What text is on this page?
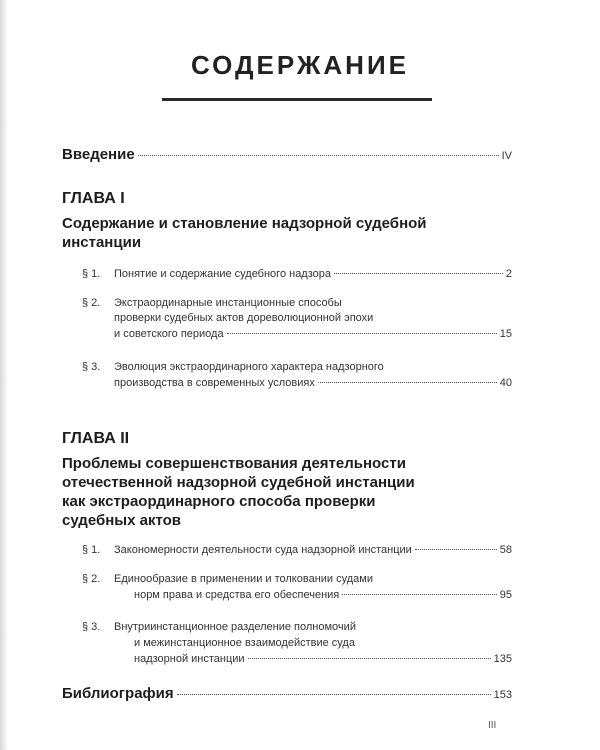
СОДЕРЖАНИЕ
Введение	IV
ГЛАВА I
Содержание и становление надзорной судебной
инстанции
§ 1. Понятие и содержание судебного надзора	2
§ 2. Экстраординарные инстанционные способы
проверки судебных актов дореволюционной эпохи
и советского периода	15
§ 3. Эволюция экстраординарного характера надзорного
производства в современных условиях	40
ГЛАВА II
Проблемы совершенствования деятельности
отечественной надзорной судебной инстанции
как экстраординарного способа проверки
судебных актов
§ 1. Закономерности деятельности суда надзорной инстанции	58
§ 2. Единообразие в применении и толковании судами
норм права и средства его обеспечения	95
§ 3. Внутриинстанционное разделение полномочий
и межинстанционное взаимодействие суда
надзорной инстанции	135
Библиография	153
III
